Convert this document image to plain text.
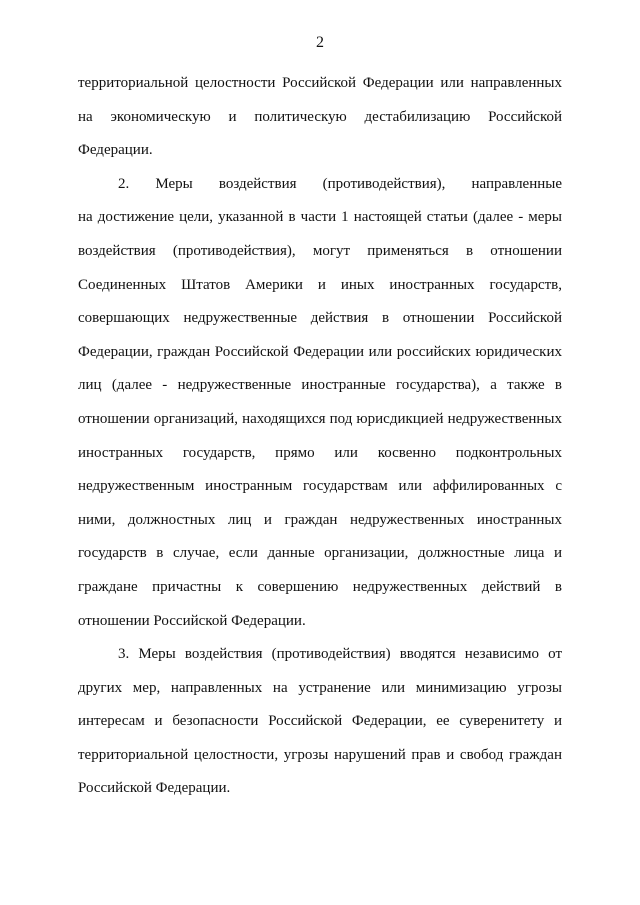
2
территориальной целостности Российской Федерации или направленных
на экономическую и политическую дестабилизацию Российской
Федерации.
2. Меры воздействия (противодействия), направленные
на достижение цели, указанной в части 1 настоящей статьи (далее - меры
воздействия (противодействия), могут применяться в отношении
Соединенных Штатов Америки и иных иностранных государств,
совершающих недружественные действия в отношении Российской
Федерации, граждан Российской Федерации или российских юридических
лиц (далее - недружественные иностранные государства), а также в
отношении организаций, находящихся под юрисдикцией недружественных
иностранных государств, прямо или косвенно подконтрольных
недружественным иностранным государствам или аффилированных с
ними, должностных лиц и граждан недружественных иностранных
государств в случае, если данные организации, должностные лица и
граждане причастны к совершению недружественных действий в
отношении Российской Федерации.
3. Меры воздействия (противодействия) вводятся независимо от
других мер, направленных на устранение или минимизацию угрозы
интересам и безопасности Российской Федерации, ее суверенитету и
территориальной целостности, угрозы нарушений прав и свобод граждан
Российской Федерации.
